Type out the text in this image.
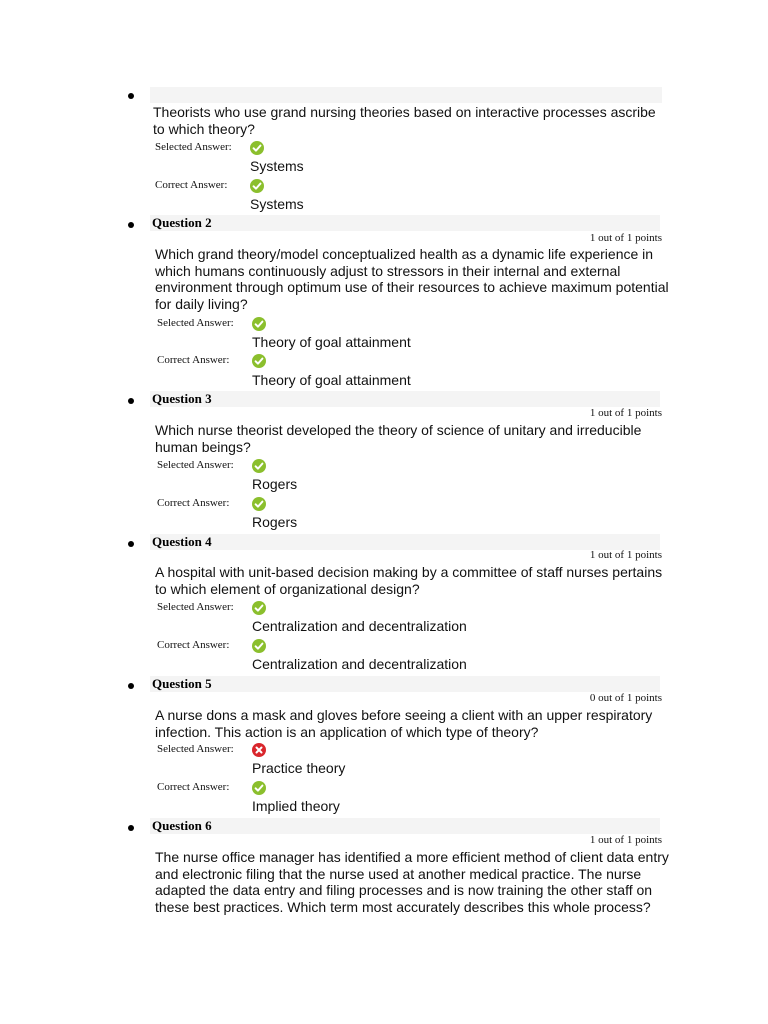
Theorists who use grand nursing theories based on interactive processes ascribe to which theory?
Selected Answer:
Systems
Correct Answer:
Systems
Question 2
1 out of 1 points
Which grand theory/model conceptualized health as a dynamic life experience in which humans continuously adjust to stressors in their internal and external environment through optimum use of their resources to achieve maximum potential for daily living?
Selected Answer:
Theory of goal attainment
Correct Answer:
Theory of goal attainment
Question 3
1 out of 1 points
Which nurse theorist developed the theory of science of unitary and irreducible human beings?
Selected Answer:
Rogers
Correct Answer:
Rogers
Question 4
1 out of 1 points
A hospital with unit-based decision making by a committee of staff nurses pertains to which element of organizational design?
Selected Answer:
Centralization and decentralization
Correct Answer:
Centralization and decentralization
Question 5
0 out of 1 points
A nurse dons a mask and gloves before seeing a client with an upper respiratory infection. This action is an application of which type of theory?
Selected Answer:
Practice theory
Correct Answer:
Implied theory
Question 6
1 out of 1 points
The nurse office manager has identified a more efficient method of client data entry and electronic filing that the nurse used at another medical practice. The nurse adapted the data entry and filing processes and is now training the other staff on these best practices. Which term most accurately describes this whole process?
